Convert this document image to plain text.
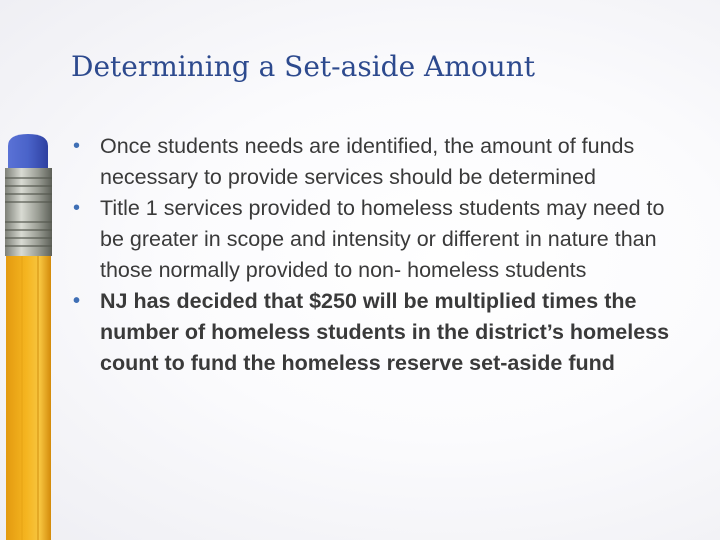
Determining a Set-aside Amount
• Once students needs are identified, the amount of funds necessary to provide services should be determined
• Title 1 services provided to homeless students may need to be greater in scope and intensity or different in nature than those normally provided to non- homeless students
• NJ has decided that $250 will be multiplied times the number of homeless students in the district’s homeless count to fund the homeless reserve set-aside fund
